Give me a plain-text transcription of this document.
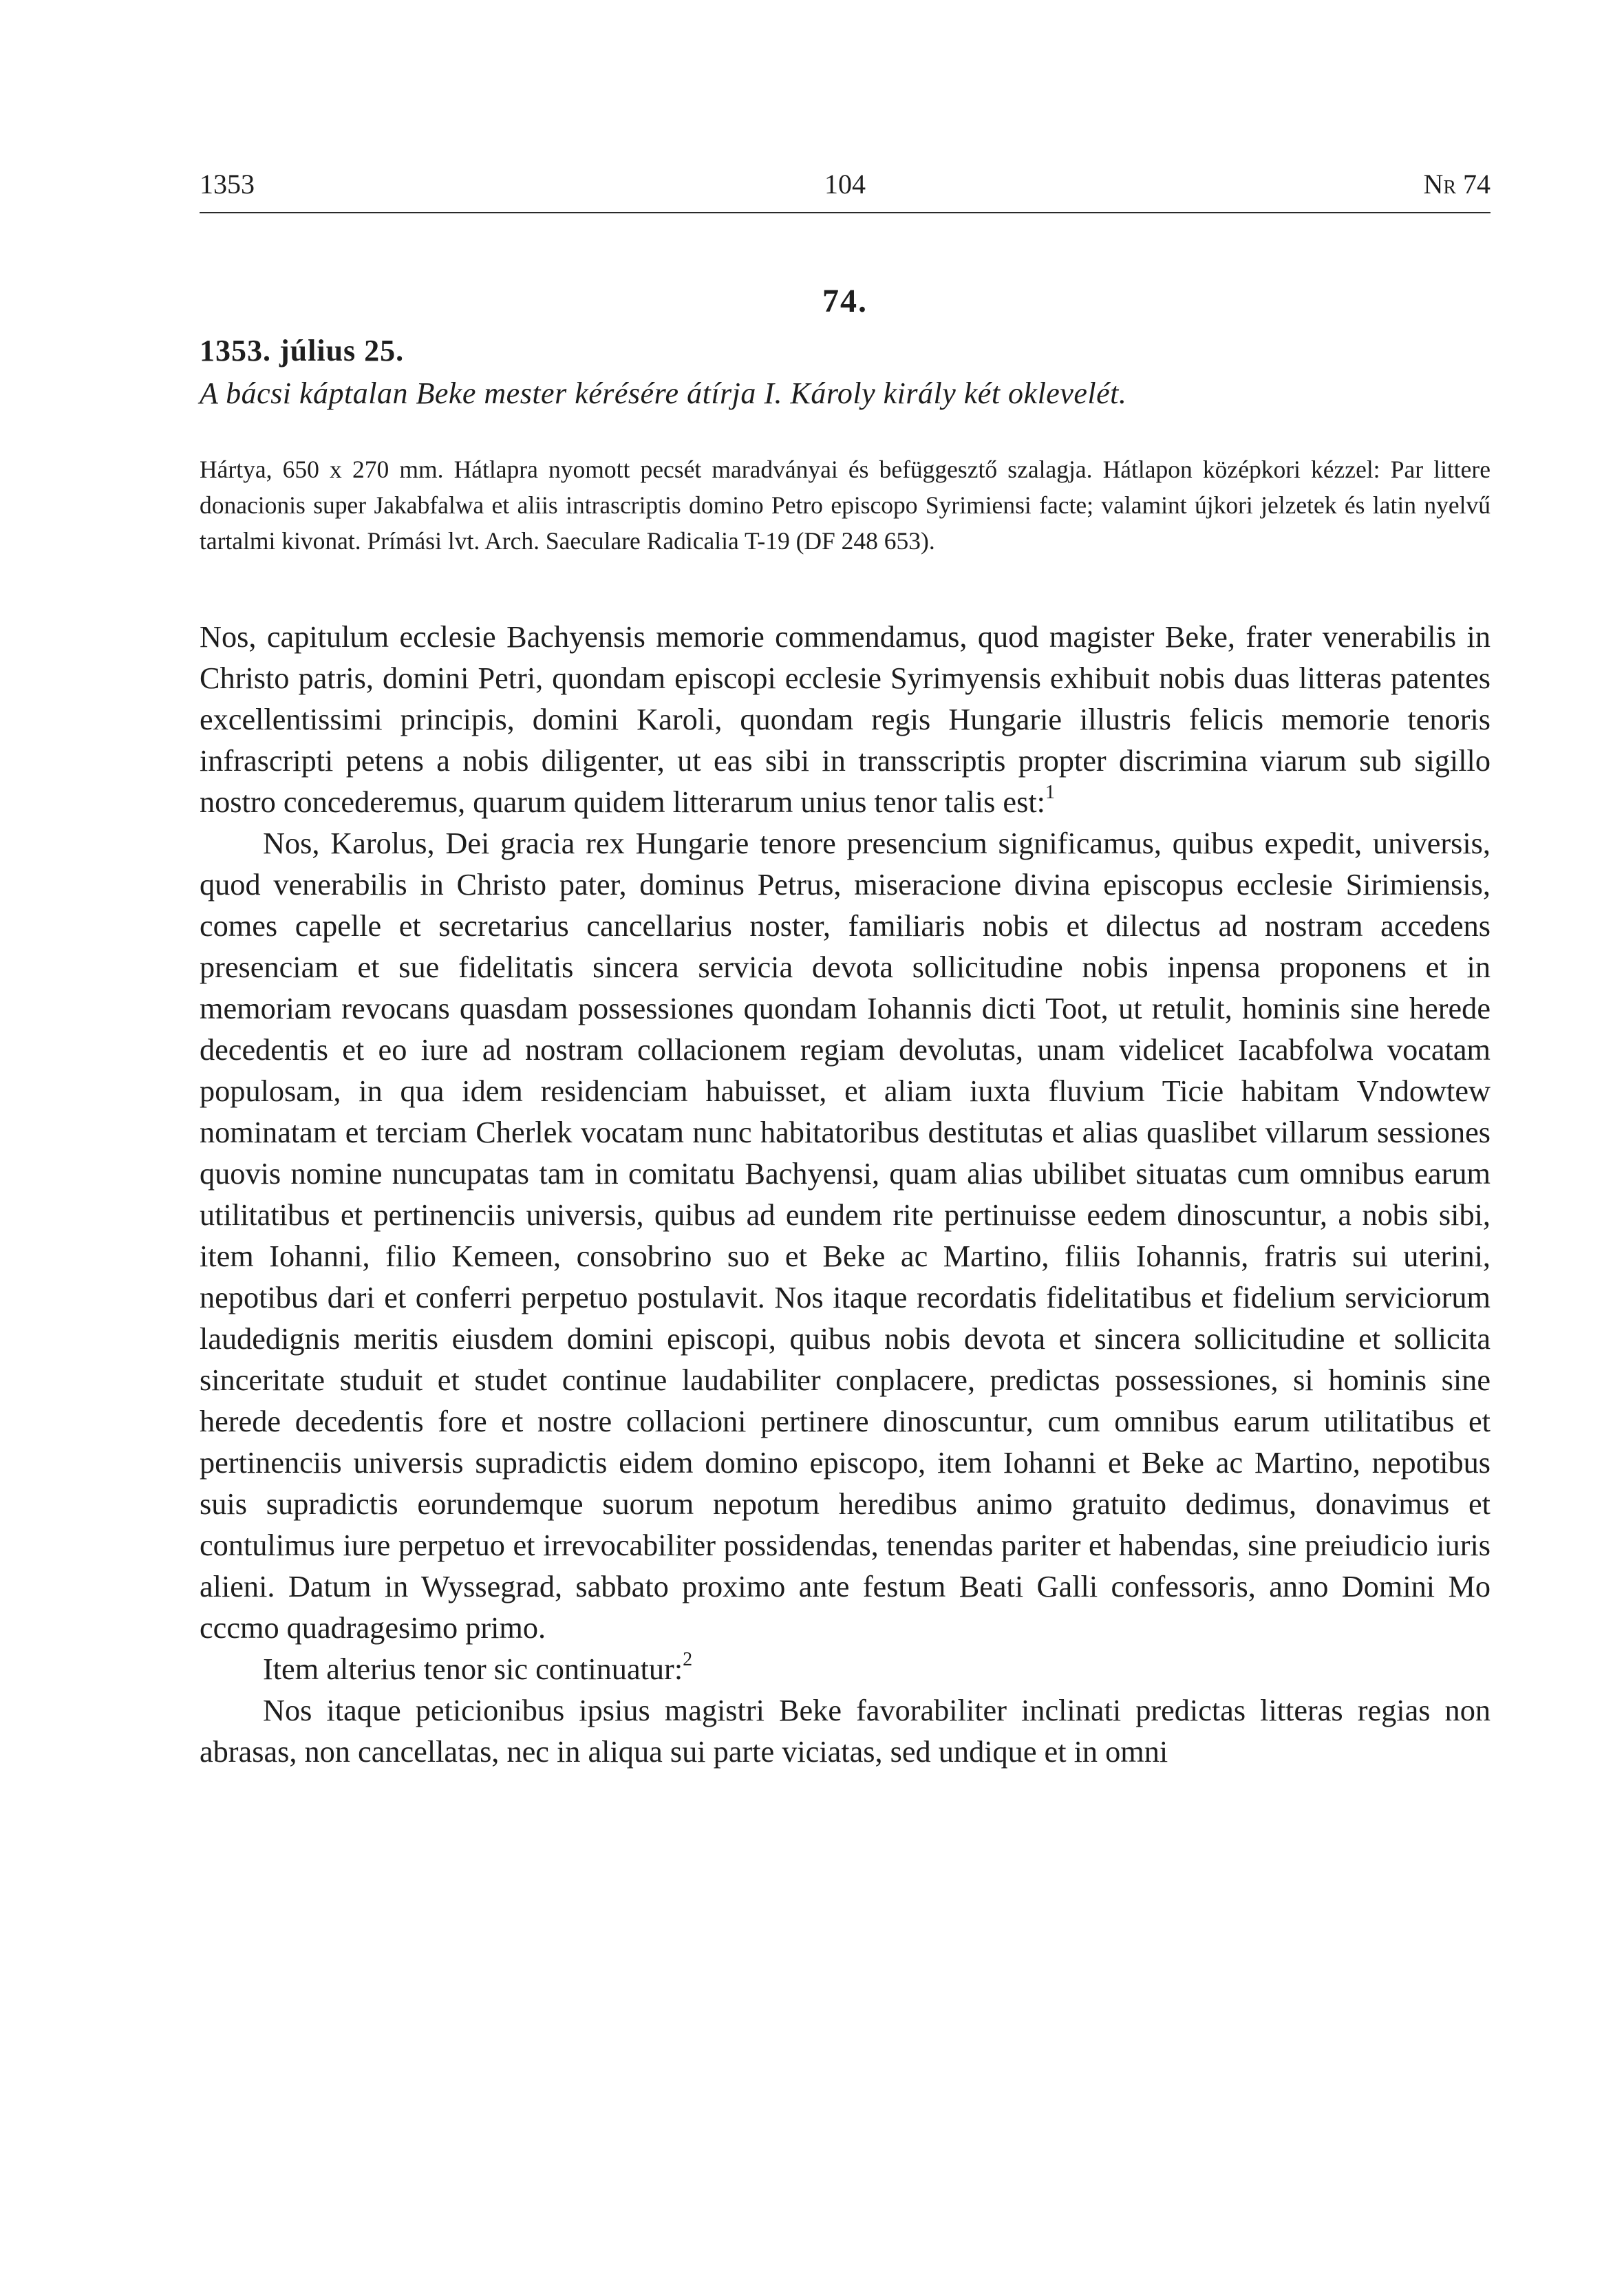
1353	104	Nr 74
74.
1353. július 25.
A bácsi káptalan Beke mester kérésére átírja I. Károly király két oklevelét.
Hártya, 650 x 270 mm. Hátlapra nyomott pecsét maradványai és befüggesztő szalagja. Hátlapon középkori kézzel: Par littere donacionis super Jakabfalwa et aliis intrascriptis domino Petro episcopo Syrimiensi facte; valamint újkori jelzetek és latin nyelvű tartalmi kivonat. Prímási lvt. Arch. Saeculare Radicalia T-19 (DF 248 653).

Nos, capitulum ecclesie Bachyensis memorie commendamus, quod magister Beke, frater venerabilis in Christo patris, domini Petri, quondam episcopi ecclesie Syrimyensis exhibuit nobis duas litteras patentes excellentissimi principis, domini Karoli, quondam regis Hungarie illustris felicis memorie tenoris infrascripti petens a nobis diligenter, ut eas sibi in transscriptis propter discrimina viarum sub sigillo nostro concederemus, quarum quidem litterarum unius tenor talis est:$^1$

Nos, Karolus, Dei gracia rex Hungarie tenore presencium significamus, quibus expedit, universis, quod venerabilis in Christo pater, dominus Petrus, miseracione divina episcopus ecclesie Sirimiensis, comes capelle et secretarius cancellarius noster, familiaris nobis et dilectus ad nostram accedens presenciam et sue fidelitatis sincera servicia devota sollicitudine nobis inpensa proponens et in memoriam revocans quasdam possessiones quondam Iohannis dicti Toot, ut retulit, hominis sine herede decedentis et eo iure ad nostram collacionem regiam devolutas, unam videlicet Iacabfolwa vocatam populosam, in qua idem residenciam habuisset, et aliam iuxta fluvium Ticie habitam Vndowtew nominatam et terciam Cherlek vocatam nunc habitatoribus destitutas et alias quaslibet villarum sessiones quovis nomine nuncupatas tam in comitatu Bachyensi, quam alias ubilibet situatas cum omnibus earum utilitatibus et pertinenciis universis, quibus ad eundem rite pertinuisse eedem dinoscuntur, a nobis sibi, item Iohanni, filio Kemeen, consobrino suo et Beke ac Martino, filiis Iohannis, fratris sui uterini, nepotibus dari et conferri perpetuo postulavit. Nos itaque recordatis fidelitatibus et fidelium serviciorum laudedignis meritis eiusdem domini episcopi, quibus nobis devota et sincera sollicitudine et sollicita sinceritate studuit et studet continue laudabiliter conplacere, predictas possessiones, si hominis sine herede decedentis fore et nostre collacioni pertinere dinoscuntur, cum omnibus earum utilitatibus et pertinenciis universis supradictis eidem domino episcopo, item Iohanni et Beke ac Martino, nepotibus suis supradictis eorundemque suorum nepotum heredibus animo gratuito dedimus, donavimus et contulimus iure perpetuo et irrevocabiliter possidendas, tenendas pariter et habendas, sine preiudicio iuris alieni. Datum in Wyssegrad, sabbato proximo ante festum Beati Galli confessoris, anno Domini Mo cccmo quadragesimo primo.

Item alterius tenor sic continuatur:$^2$

Nos itaque peticionibus ipsius magistri Beke favorabiliter inclinati predictas litteras regias non abrasas, non cancellatas, nec in aliqua sui parte viciatas, sed undique et in omni
